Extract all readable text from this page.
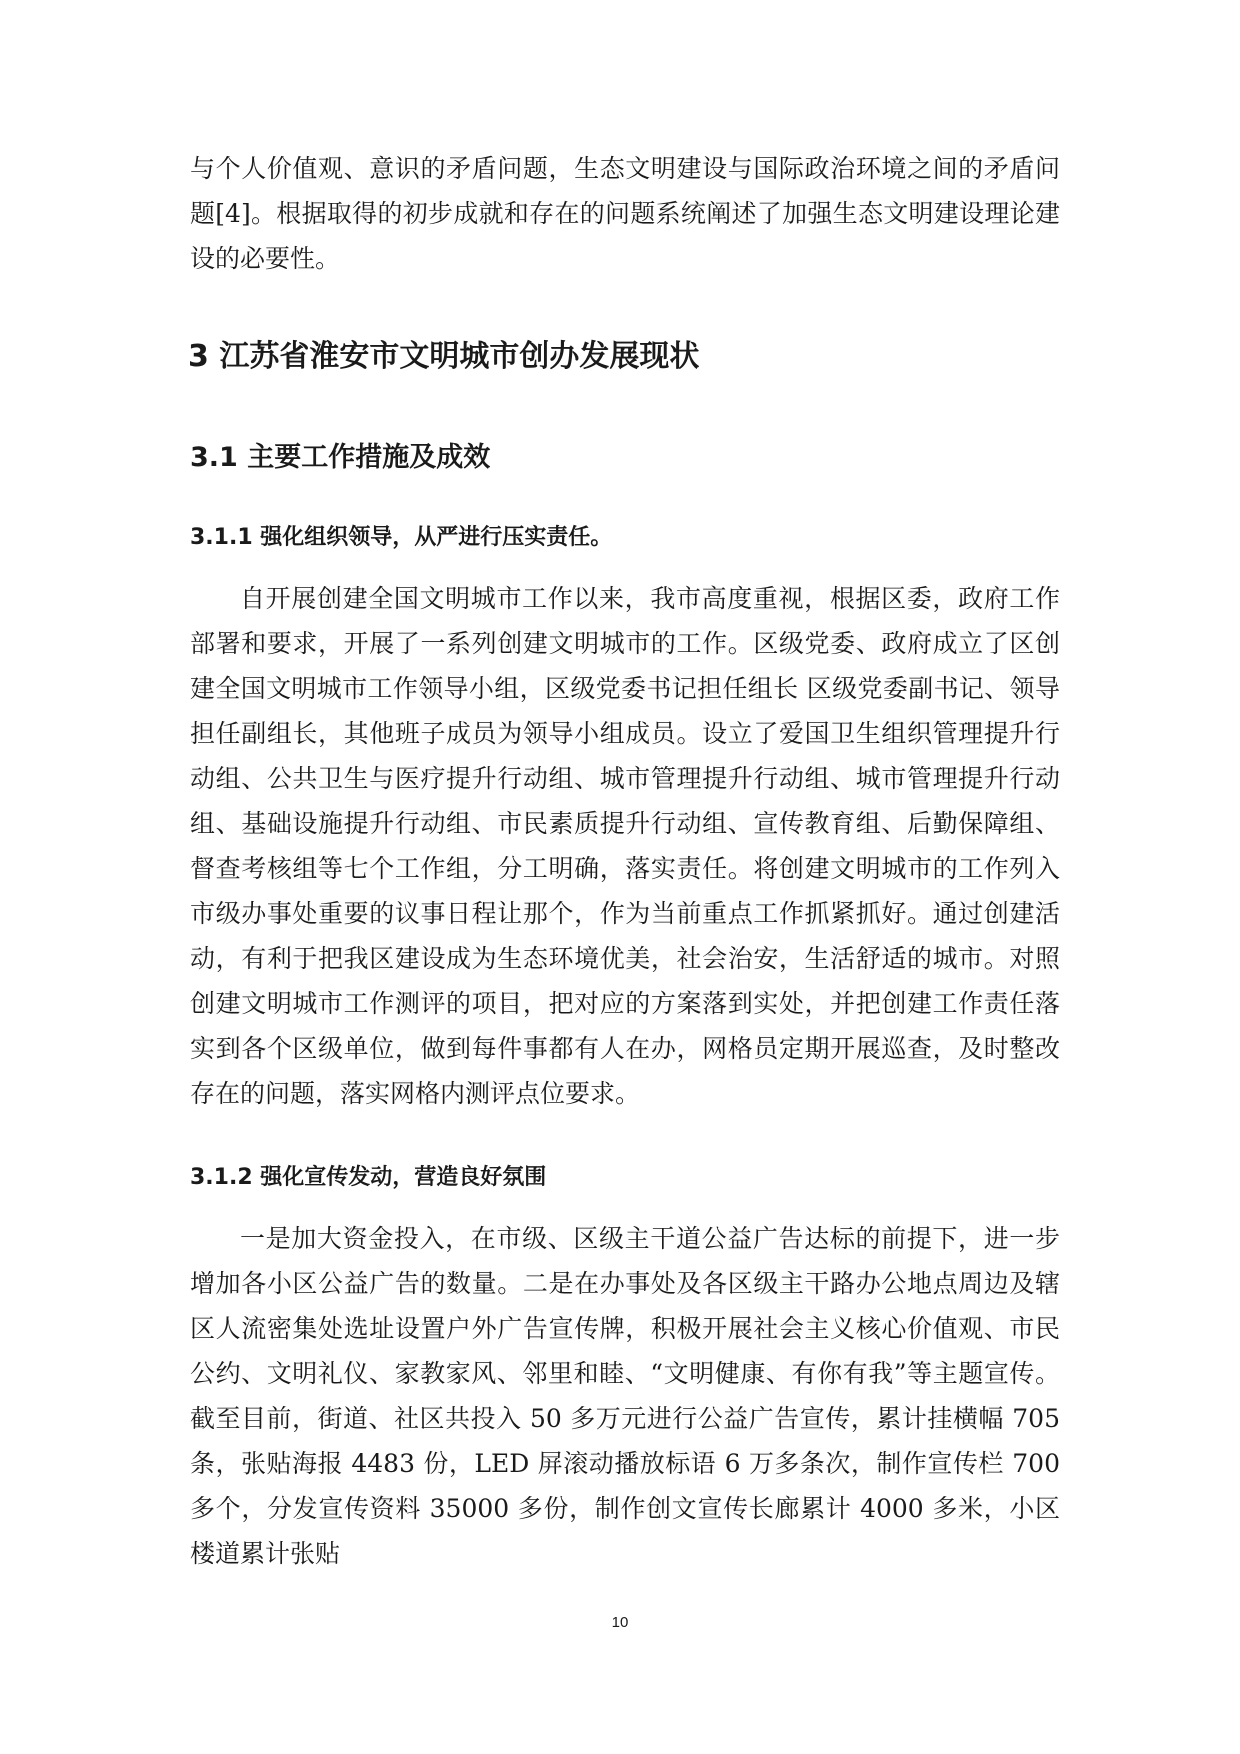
与个人价值观、意识的矛盾问题，生态文明建设与国际政治环境之间的矛盾问题[4]。根据取得的初步成就和存在的问题系统阐述了加强生态文明建设理论建设的必要性。

3 江苏省淮安市文明城市创办发展现状
3.1 主要工作措施及成效
3.1.1 强化组织领导，从严进行压实责任。

自开展创建全国文明城市工作以来，我市高度重视，根据区委，政府工作部署和要求，开展了一系列创建文明城市的工作。区级党委、政府成立了区创建全国文明城市工作领导小组，区级党委书记担任组长 区级党委副书记、领导担任副组长，其他班子成员为领导小组成员。设立了爱国卫生组织管理提升行动组、公共卫生与医疗提升行动组、城市管理提升行动组、城市管理提升行动组、基础设施提升行动组、市民素质提升行动组、宣传教育组、后勤保障组、督查考核组等七个工作组，分工明确，落实责任。将创建文明城市的工作列入市级办事处重要的议事日程让那个，作为当前重点工作抓紧抓好。通过创建活动，有利于把我区建设成为生态环境优美，社会治安，生活舒适的城市。对照创建文明城市工作测评的项目，把对应的方案落到实处，并把创建工作责任落实到各个区级单位，做到每件事都有人在办，网格员定期开展巡查，及时整改存在的问题，落实网格内测评点位要求。

3.1.2 强化宣传发动，营造良好氛围

一是加大资金投入，在市级、区级主干道公益广告达标的前提下，进一步增加各小区公益广告的数量。二是在办事处及各区级主干路办公地点周边及辖区人流密集处选址设置户外广告宣传牌，积极开展社会主义核心价值观、市民公约、文明礼仪、家教家风、邻里和睦、“文明健康、有你有我”等主题宣传。截至目前，街道、社区共投入 50 多万元进行公益广告宣传，累计挂横幅 705 条，张贴海报 4483 份，LED 屏滚动播放标语 6 万多条次，制作宣传栏 700 多个，分发宣传资料 35000 多份，制作创文宣传长廊累计 4000 多米，小区楼道累计张贴

10
